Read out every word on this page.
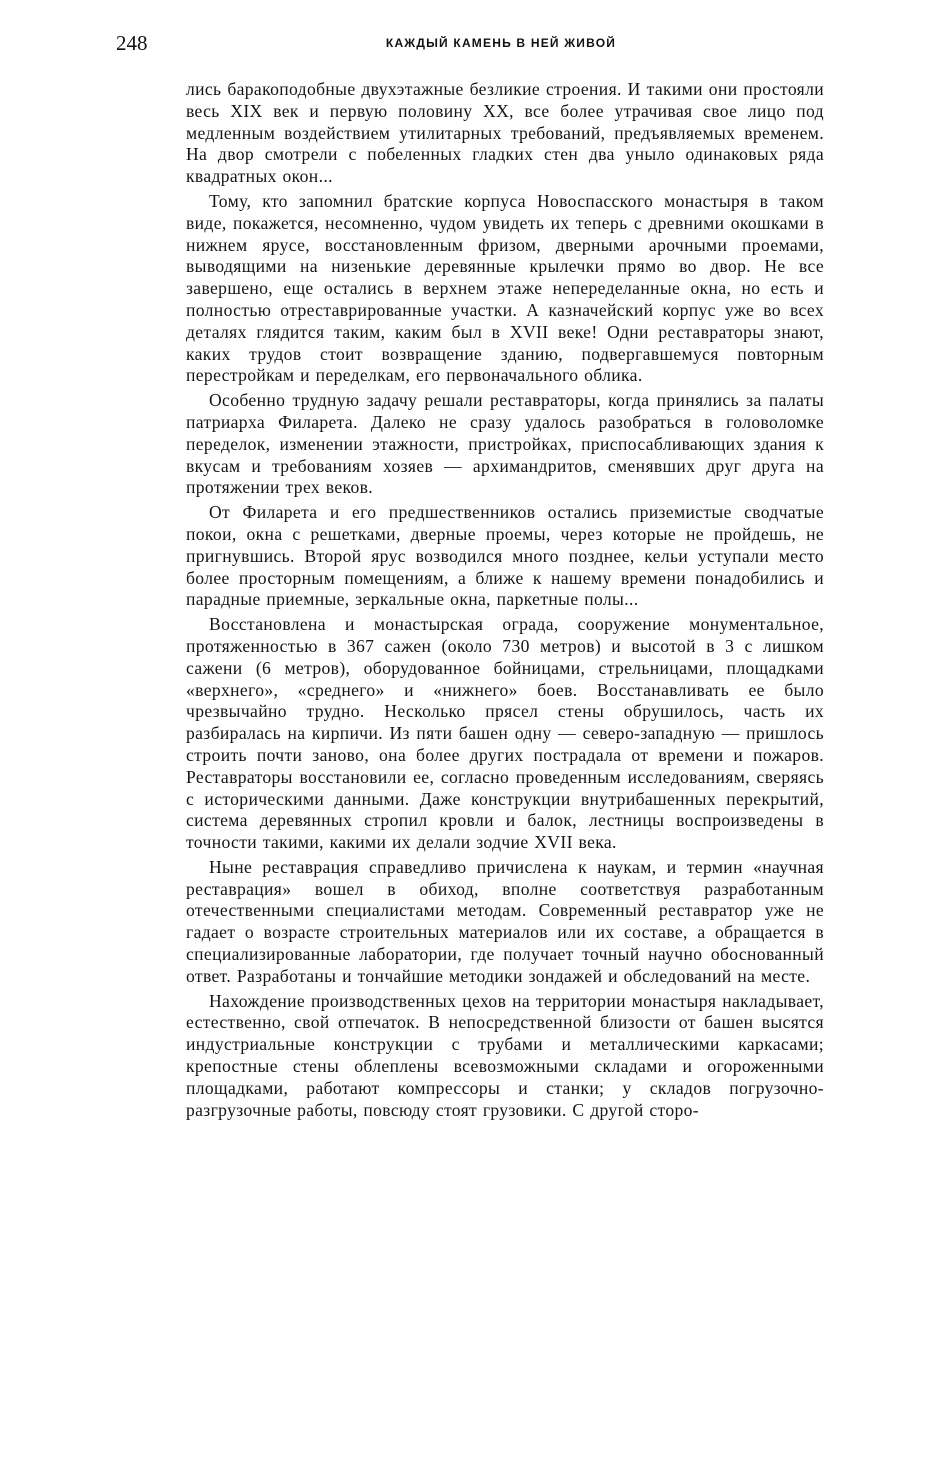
248	КАЖДЫЙ КАМЕНЬ В НЕЙ ЖИВОЙ

лись баракоподобные двухэтажные безликие строения. И такими они простояли весь XIX век и первую половину XX, все более утрачивая свое лицо под медленным воздействием утилитарных требований, предъявляемых временем. На двор смотрели с побеленных гладких стен два уныло одинаковых ряда квадратных окон...

Тому, кто запомнил братские корпуса Новоспасского монастыря в таком виде, покажется, несомненно, чудом увидеть их теперь с древними окошками в нижнем ярусе, восстановленным фризом, дверными арочными проемами, выводящими на низенькие деревянные крылечки прямо во двор. Не все завершено, еще остались в верхнем этаже непеределанные окна, но есть и полностью отреставрированные участки. А казначейский корпус уже во всех деталях глядится таким, каким был в XVII веке! Одни реставраторы знают, каких трудов стоит возвращение зданию, подвергавшемуся повторным перестройкам и переделкам, его первоначального облика.

Особенно трудную задачу решали реставраторы, когда принялись за палаты патриарха Филарета. Далеко не сразу удалось разобраться в головоломке переделок, изменении этажности, пристройках, приспосабливающих здания к вкусам и требованиям хозяев — архимандритов, сменявших друг друга на протяжении трех веков.

От Филарета и его предшественников остались приземистые сводчатые покои, окна с решетками, дверные проемы, через которые не пройдешь, не пригнувшись. Второй ярус возводился много позднее, кельи уступали место более просторным помещениям, а ближе к нашему времени понадобились и парадные приемные, зеркальные окна, паркетные полы...

Восстановлена и монастырская ограда, сооружение монументальное, протяженностью в 367 сажен (около 730 метров) и высотой в 3 с лишком сажени (6 метров), оборудованное бойницами, стрельницами, площадками «верхнего», «среднего» и «нижнего» боев. Восстанавливать ее было чрезвычайно трудно. Несколько прясел стены обрушилось, часть их разбиралась на кирпичи. Из пяти башен одну — северо-западную — пришлось строить почти заново, она более других пострадала от времени и пожаров. Реставраторы восстановили ее, согласно проведенным исследованиям, сверяясь с историческими данными. Даже конструкции внутрибашенных перекрытий, система деревянных стропил кровли и балок, лестницы воспроизведены в точности такими, какими их делали зодчие XVII века.

Ныне реставрация справедливо причислена к наукам, и термин «научная реставрация» вошел в обиход, вполне соответствуя разработанным отечественными специалистами методам. Современный реставратор уже не гадает о возрасте строительных материалов или их составе, а обращается в специализированные лаборатории, где получает точный научно обоснованный ответ. Разработаны и тончайшие методики зондажей и обследований на месте.

Нахождение производственных цехов на территории монастыря накладывает, естественно, свой отпечаток. В непосредственной близости от башен высятся индустриальные конструкции с трубами и металлическими каркасами; крепостные стены облеплены всевозможными складами и огороженными площадками, работают компрессоры и станки; у складов погрузочно-разгрузочные работы, повсюду стоят грузовики. С другой сторо-
